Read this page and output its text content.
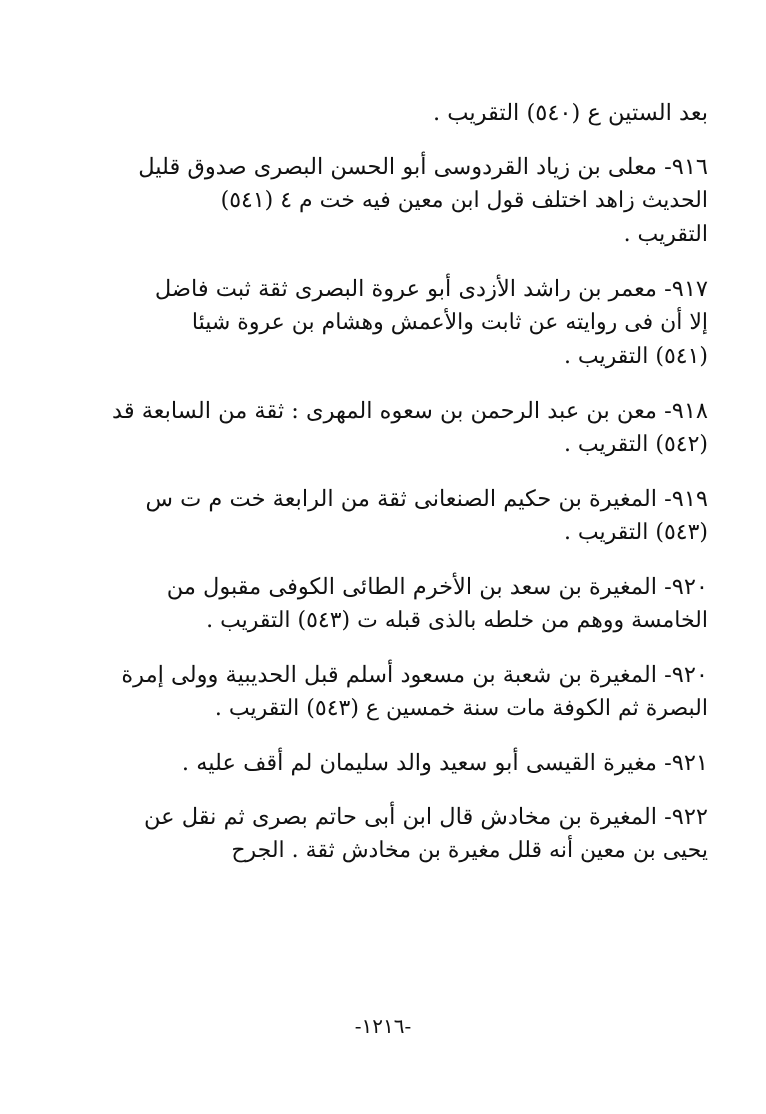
بعد الستين ع (٥٤٠) التقريب .
٩١٦- معلى بن زياد القردوسى أبو الحسن البصرى صدوق قليل
الحديث زاهد اختلف قول ابن معين فيه خت م ٤ (٥٤١)
التقريب .
٩١٧- معمر بن راشد الأزدى أبو عروة البصرى ثقة ثبت فاضل
إلا أن فى روايته عن ثابت والأعمش وهشام بن عروة شيئا
(٥٤١) التقريب .
٩١٨- معن بن عبد الرحمن بن سعوه المهرى : ثقة من السابعة قد
(٥٤٢) التقريب .
٩١٩- المغيرة بن حكيم الصنعانى ثقة من الرابعة خت م ت س
(٥٤٣) التقريب .
٩٢٠- المغيرة بن سعد بن الأخرم الطائى الكوفى مقبول من
الخامسة ووهم من خلطه بالذى قبله ت (٥٤٣) التقريب .
٩٢٠َ- المغيرة بن شعبة بن مسعود أسلم قبل الحديبية وولى إمرة
البصرة ثم الكوفة مات سنة خمسين ع (٥٤٣) التقريب .
٩٢١- مغيرة القيسى أبو سعيد والد سليمان لم أقف عليه .
٩٢٢- المغيرة بن مخادش قال ابن أبى حاتم بصرى ثم نقل عن
يحيى بن معين أنه قلل مغيرة بن مخادش ثقة . الجرح
-١٢١٦-
